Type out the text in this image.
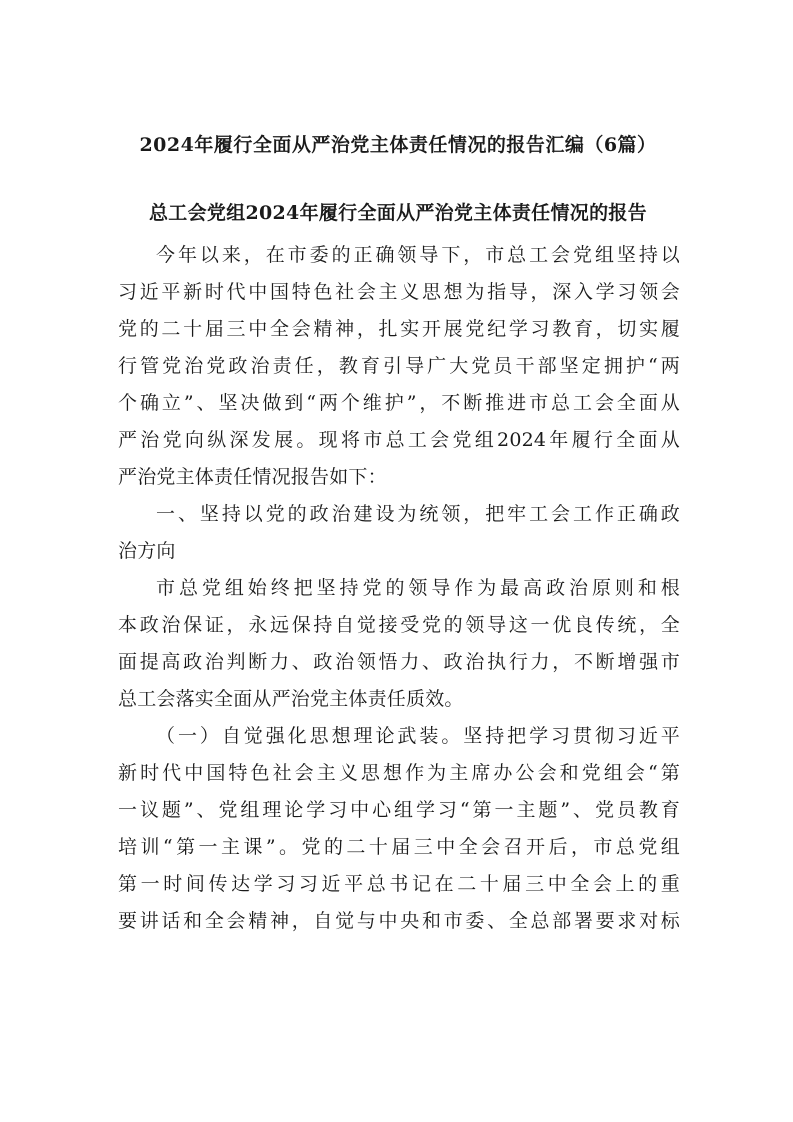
2024年履行全面从严治党主体责任情况的报告汇编（6篇）
总工会党组2024年履行全面从严治党主体责任情况的报告
今年以来，在市委的正确领导下，市总工会党组坚持以
习近平新时代中国特色社会主义思想为指导，深入学习领会
党的二十届三中全会精神，扎实开展党纪学习教育，切实履
行管党治党政治责任，教育引导广大党员干部坚定拥护“两
个确立”、坚决做到“两个维护”，不断推进市总工会全面从
严治党向纵深发展。现将市总工会党组2024年履行全面从
严治党主体责任情况报告如下：
一、坚持以党的政治建设为统领，把牢工会工作正确政
治方向
市总党组始终把坚持党的领导作为最高政治原则和根
本政治保证，永远保持自觉接受党的领导这一优良传统，全
面提高政治判断力、政治领悟力、政治执行力，不断增强市
总工会落实全面从严治党主体责任质效。
（一）自觉强化思想理论武装。坚持把学习贯彻习近平
新时代中国特色社会主义思想作为主席办公会和党组会“第
一议题”、党组理论学习中心组学习“第一主题”、党员教育
培训“第一主课”。党的二十届三中全会召开后，市总党组
第一时间传达学习习近平总书记在二十届三中全会上的重
要讲话和全会精神，自觉与中央和市委、全总部署要求对标
